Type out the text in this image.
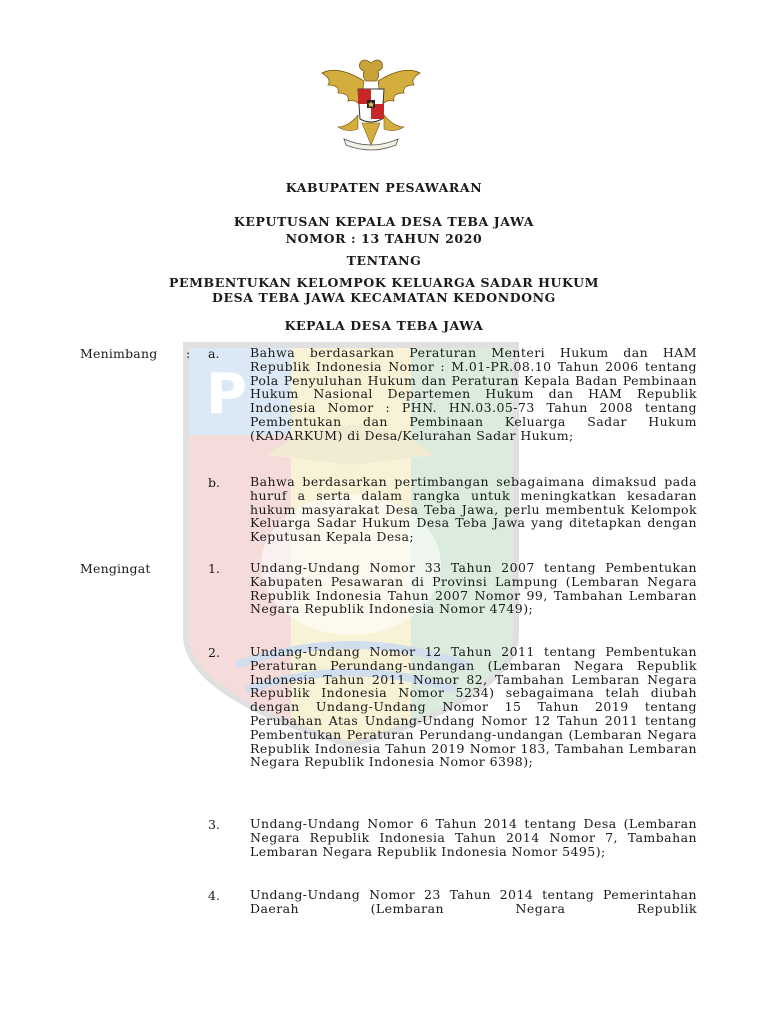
P
KABUPATEN PESAWARAN
KEPUTUSAN KEPALA DESA TEBA JAWA
NOMOR : 13 TAHUN 2020
TENTANG
PEMBENTUKAN KELOMPOK KELUARGA SADAR HUKUM
DESA TEBA JAWA KECAMATAN KEDONDONG
KEPALA DESA TEBA JAWA
Menimbang : a. Bahwa berdasarkan Peraturan Menteri Hukum dan HAM Republik Indonesia Nomor : M.01-PR.08.10 Tahun 2006 tentang Pola Penyuluhan Hukum dan Peraturan Kepala Badan Pembinaan Hukum Nasional Departemen Hukum dan HAM Republik Indonesia Nomor : PHN. HN.03.05-73 Tahun 2008 tentang Pembentukan dan Pembinaan Keluarga Sadar Hukum (KADARKUM) di Desa/Kelurahan Sadar Hukum;

b. Bahwa berdasarkan pertimbangan sebagaimana dimaksud pada huruf a serta dalam rangka untuk meningkatkan kesadaran hukum masyarakat Desa Teba Jawa, perlu membentuk Kelompok Keluarga Sadar Hukum Desa Teba Jawa yang ditetapkan dengan Keputusan Kepala Desa;

Mengingat	1. Undang-Undang Nomor 33 Tahun 2007 tentang Pembentukan Kabupaten Pesawaran di Provinsi Lampung (Lembaran Negara Republik Indonesia Tahun 2007 Nomor 99, Tambahan Lembaran Negara Republik Indonesia Nomor 4749);

2. Undang-Undang Nomor 12 Tahun 2011 tentang Pembentukan Peraturan Perundang-undangan (Lembaran Negara Republik Indonesia Tahun 2011 Nomor 82, Tambahan Lembaran Negara Republik Indonesia Nomor 5234) sebagaimana telah diubah dengan Undang-Undang Nomor 15 Tahun 2019 tentang Perubahan Atas Undang-Undang Nomor 12 Tahun 2011 tentang Pembentukan Peraturan Perundang-undangan (Lembaran Negara Republik Indonesia Tahun 2019 Nomor 183, Tambahan Lembaran Negara Republik Indonesia Nomor 6398);

3. Undang-Undang Nomor 6 Tahun 2014 tentang Desa (Lembaran Negara Republik Indonesia Tahun 2014 Nomor 7, Tambahan Lembaran Negara Republik Indonesia Nomor 5495);

4. Undang-Undang Nomor 23 Tahun 2014 tentang Pemerintahan Daerah (Lembaran Negara Republik
